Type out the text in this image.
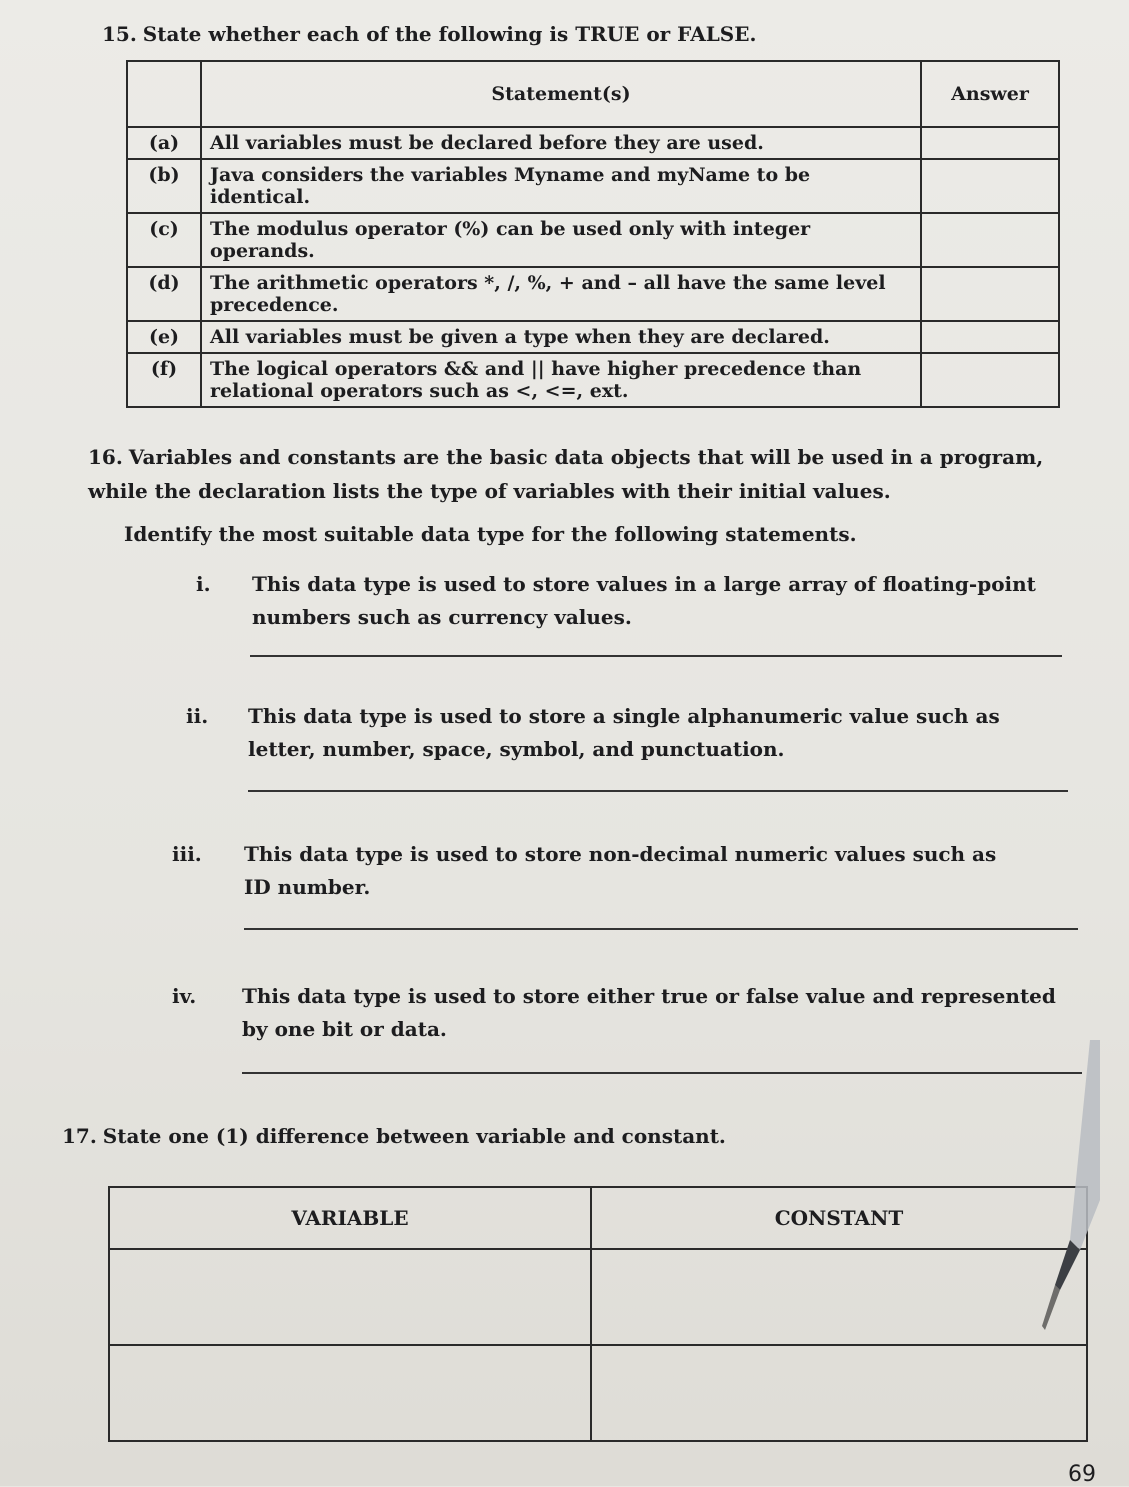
15. State whether each of the following is TRUE or FALSE.
	Statement(s)	Answer
(a)	All variables must be declared before they are used.	
(b)	Java considers the variables Myname and myName to be identical.	
(c)	The modulus operator (%) can be used only with integer operands.	
(d)	The arithmetic operators *, /, %, + and – all have the same level precedence.	
(e)	All variables must be given a type when they are declared.	
(f)	The logical operators && and || have higher precedence than relational operators such as <, <=, ext.	
16. Variables and constants are the basic data objects that will be used in a program, while the declaration lists the type of variables with their initial values.
Identify the most suitable data type for the following statements.
i. This data type is used to store values in a large array of floating-point numbers such as currency values.
ii. This data type is used to store a single alphanumeric value such as letter, number, space, symbol, and punctuation.
iii. This data type is used to store non-decimal numeric values such as ID number.
iv. This data type is used to store either true or false value and represented by one bit or data.
17. State one (1) difference between variable and constant.
VARIABLE	CONSTANT

69
